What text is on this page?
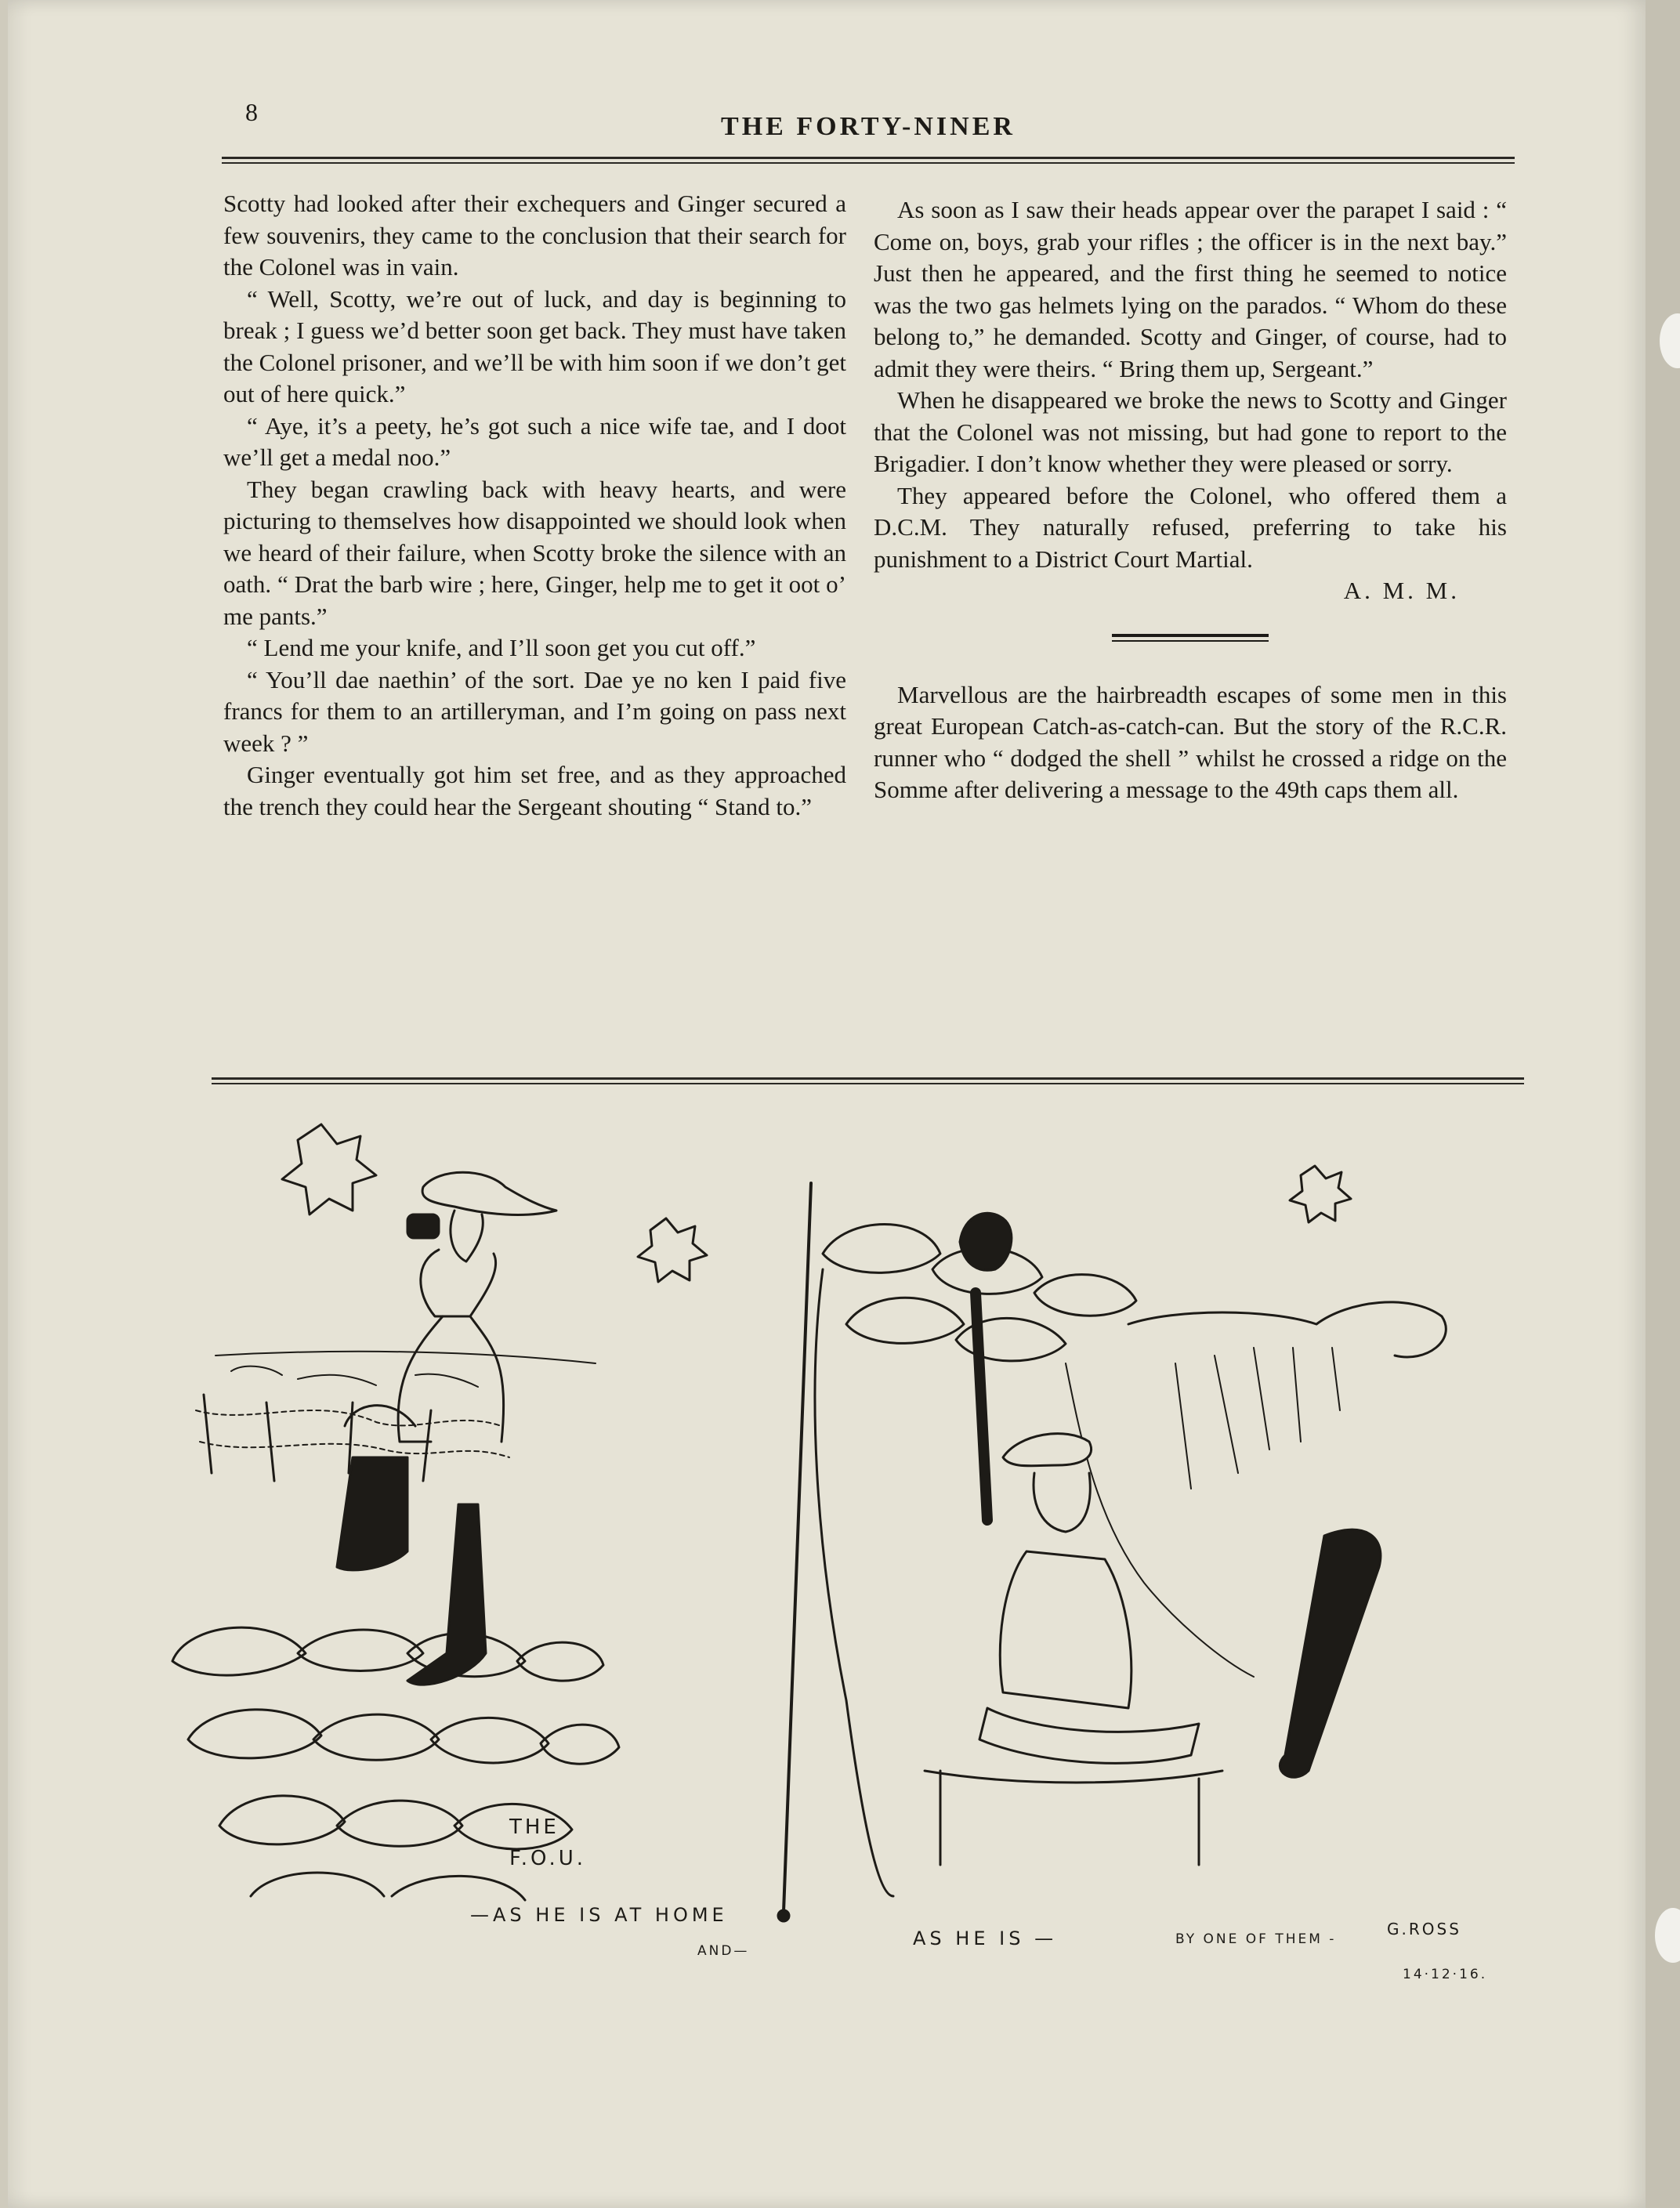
8	THE FORTY-NINER

Scotty had looked after their exchequers and Ginger secured a few souvenirs, they came to the conclusion that their search for the Colonel was in vain.

“ Well, Scotty, we’re out of luck, and day is beginning to break ; I guess we’d better soon get back. They must have taken the Colonel prisoner, and we’ll be with him soon if we don’t get out of here quick.”

“ Aye, it’s a peety, he’s got such a nice wife tae, and I doot we’ll get a medal noo.”

They began crawling back with heavy hearts, and were picturing to themselves how disappointed we should look when we heard of their failure, when Scotty broke the silence with an oath. “ Drat the barb wire ; here, Ginger, help me to get it oot o’ me pants.”

“ Lend me your knife, and I’ll soon get you cut off.”

“ You’ll dae naethin’ of the sort. Dae ye no ken I paid five francs for them to an artilleryman, and I’m going on pass next week ? ”

Ginger eventually got him set free, and as they approached the trench they could hear the Sergeant shouting “ Stand to.”

As soon as I saw their heads appear over the parapet I said : “ Come on, boys, grab your rifles ; the officer is in the next bay.” Just then he appeared, and the first thing he seemed to notice was the two gas helmets lying on the parados. “ Whom do these belong to,” he demanded. Scotty and Ginger, of course, had to admit they were theirs. “ Bring them up, Sergeant.”

When he disappeared we broke the news to Scotty and Ginger that the Colonel was not missing, but had gone to report to the Brigadier. I don’t know whether they were pleased or sorry.

They appeared before the Colonel, who offered them a D.C.M. They naturally refused, preferring to take his punishment to a District Court Martial.

A. M. M.

Marvellous are the hairbreadth escapes of some men in this great European Catch-as-catch-can. But the story of the R.C.R. runner who “ dodged the shell ” whilst he crossed a ridge on the Somme after delivering a message to the 49th caps them all.

THE
F.O.U.
—AS HE IS AT HOME
AND—
AS HE IS —	BY ONE OF THEM -
G.ROSS
14·12·16.
